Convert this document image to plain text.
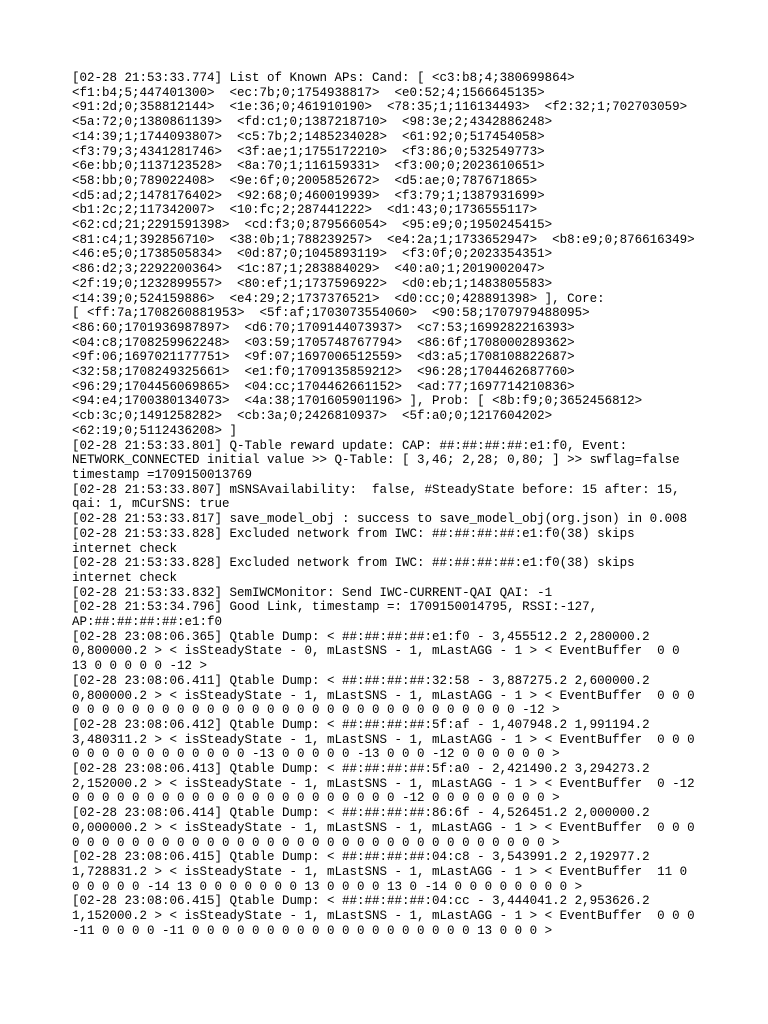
[02-28 21:53:33.774] List of Known APs: Cand: [ <c3:b8;4;380699864>
<f1:b4;5;447401300>  <ec:7b;0;1754938817>  <e0:52;4;1566645135>
<91:2d;0;358812144>  <1e:36;0;461910190>  <78:35;1;116134493>  <f2:32;1;702703059>
<5a:72;0;1380861139>  <fd:c1;0;1387218710>  <98:3e;2;4342886248>
<14:39;1;1744093807>  <c5:7b;2;1485234028>  <61:92;0;517454058>
<f3:79;3;4341281746>  <3f:ae;1;1755172210>  <f3:86;0;532549773>
<6e:bb;0;1137123528>  <8a:70;1;116159331>  <f3:00;0;2023610651>
<58:bb;0;789022408>  <9e:6f;0;2005852672>  <d5:ae;0;787671865>
<d5:ad;2;1478176402>  <92:68;0;460019939>  <f3:79;1;1387931699>
<b1:2c;2;117342007>  <10:fc;2;287441222>  <d1:43;0;1736555117>
<62:cd;21;2291591398>  <cd:f3;0;879566054>  <95:e9;0;1950245415>
<81:c4;1;392856710>  <38:0b;1;788239257>  <e4:2a;1;1733652947>  <b8:e9;0;876616349>
<46:e5;0;1738505834>  <0d:87;0;1045893119>  <f3:0f;0;2023354351>
<86:d2;3;2292200364>  <1c:87;1;283884029>  <40:a0;1;2019002047>
<2f:19;0;1232899557>  <80:ef;1;1737596922>  <d0:eb;1;1483805583>
<14:39;0;524159886>  <e4:29;2;1737376521>  <d0:cc;0;428891398> ], Core:
[ <ff:7a;1708260881953>  <5f:af;1703073554060>  <90:58;1707979488095>
<86:60;1701936987897>  <d6:70;1709144073937>  <c7:53;1699282216393>
<04:c8;1708259962248>  <03:59;1705748767794>  <86:6f;1708000289362>
<9f:06;1697021177751>  <9f:07;1697006512559>  <d3:a5;1708108822687>
<32:58;1708249325661>  <e1:f0;1709135859212>  <96:28;1704462687760>
<96:29;1704456069865>  <04:cc;1704462661152>  <ad:77;1697714210836>
<94:e4;1700380134073>  <4a:38;1701605901196> ], Prob: [ <8b:f9;0;3652456812>
<cb:3c;0;1491258282>  <cb:3a;0;2426810937>  <5f:a0;0;1217604202>
<62:19;0;5112436208> ]
[02-28 21:53:33.801] Q-Table reward update: CAP: ##:##:##:##:e1:f0, Event:
NETWORK_CONNECTED initial value >> Q-Table: [ 3,46; 2,28; 0,80; ] >> swflag=false
timestamp =1709150013769
[02-28 21:53:33.807] mSNSAvailability:  false, #SteadyState before: 15 after: 15,
qai: 1, mCurSNS: true
[02-28 21:53:33.817] save_model_obj : success to save_model_obj(org.json) in 0.008
[02-28 21:53:33.828] Excluded network from IWC: ##:##:##:##:e1:f0(38) skips
internet check
[02-28 21:53:33.828] Excluded network from IWC: ##:##:##:##:e1:f0(38) skips
internet check
[02-28 21:53:33.832] SemIWCMonitor: Send IWC-CURRENT-QAI QAI: -1
[02-28 21:53:34.796] Good Link, timestamp =: 1709150014795, RSSI:-127,
AP:##:##:##:##:e1:f0
[02-28 23:08:06.365] Qtable Dump: < ##:##:##:##:e1:f0 - 3,455512.2 2,280000.2
0,800000.2 > < isSteadyState - 0, mLastSNS - 1, mLastAGG - 1 > < EventBuffer  0 0
13 0 0 0 0 0 -12 >
[02-28 23:08:06.411] Qtable Dump: < ##:##:##:##:32:58 - 3,887275.2 2,600000.2
0,800000.2 > < isSteadyState - 1, mLastSNS - 1, mLastAGG - 1 > < EventBuffer  0 0 0
0 0 0 0 0 0 0 0 0 0 0 0 0 0 0 0 0 0 0 0 0 0 0 0 0 0 0 0 0 0 -12 >
[02-28 23:08:06.412] Qtable Dump: < ##:##:##:##:5f:af - 1,407948.2 1,991194.2
3,480311.2 > < isSteadyState - 1, mLastSNS - 1, mLastAGG - 1 > < EventBuffer  0 0 0
0 0 0 0 0 0 0 0 0 0 0 0 -13 0 0 0 0 0 -13 0 0 0 -12 0 0 0 0 0 0 >
[02-28 23:08:06.413] Qtable Dump: < ##:##:##:##:5f:a0 - 2,421490.2 3,294273.2
2,152000.2 > < isSteadyState - 1, mLastSNS - 1, mLastAGG - 1 > < EventBuffer  0 -12
0 0 0 0 0 0 0 0 0 0 0 0 0 0 0 0 0 0 0 0 0 0 -12 0 0 0 0 0 0 0 0 >
[02-28 23:08:06.414] Qtable Dump: < ##:##:##:##:86:6f - 4,526451.2 2,000000.2
0,000000.2 > < isSteadyState - 1, mLastSNS - 1, mLastAGG - 1 > < EventBuffer  0 0 0
0 0 0 0 0 0 0 0 0 0 0 0 0 0 0 0 0 0 0 0 0 0 0 0 0 0 0 0 0 0 0 0 >
[02-28 23:08:06.415] Qtable Dump: < ##:##:##:##:04:c8 - 3,543991.2 2,192977.2
1,728831.2 > < isSteadyState - 1, mLastSNS - 1, mLastAGG - 1 > < EventBuffer  11 0
0 0 0 0 0 -14 13 0 0 0 0 0 0 0 13 0 0 0 0 13 0 -14 0 0 0 0 0 0 0 0 >
[02-28 23:08:06.415] Qtable Dump: < ##:##:##:##:04:cc - 3,444041.2 2,953626.2
1,152000.2 > < isSteadyState - 1, mLastSNS - 1, mLastAGG - 1 > < EventBuffer  0 0 0
-11 0 0 0 0 -11 0 0 0 0 0 0 0 0 0 0 0 0 0 0 0 0 0 0 0 13 0 0 0 >
